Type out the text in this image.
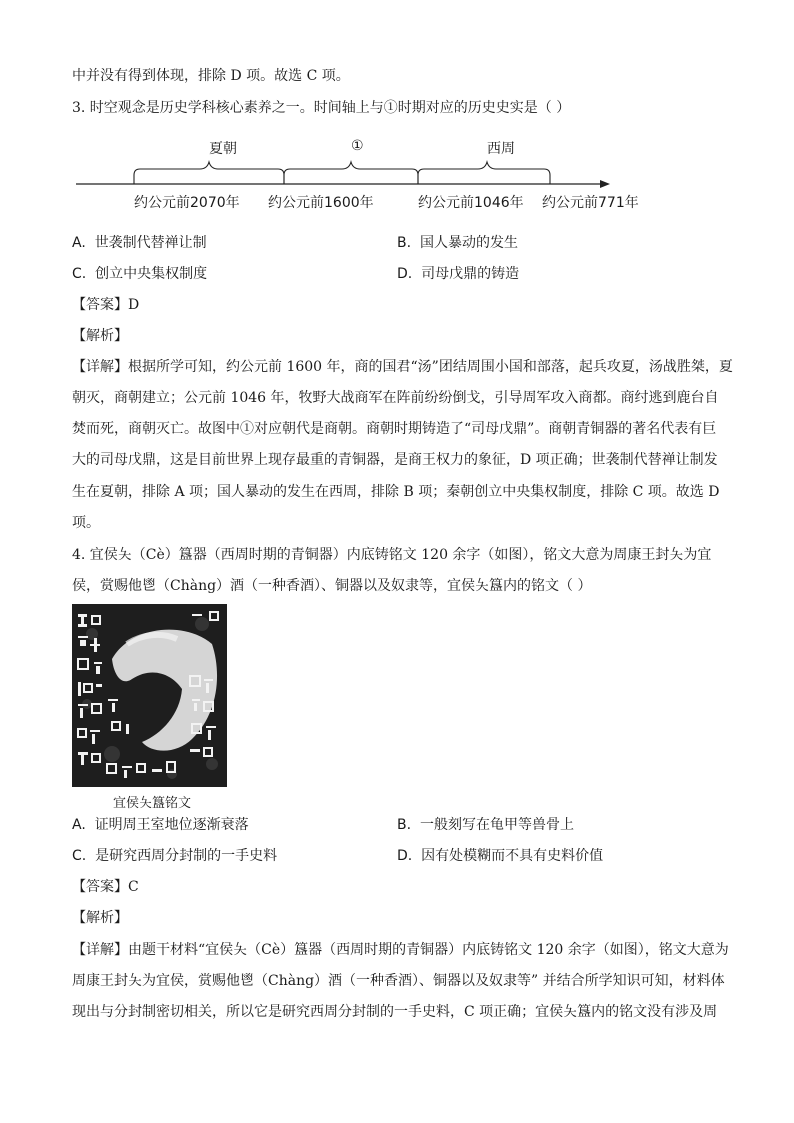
中并没有得到体现，排除 D 项。故选 C 项。
3. 时空观念是历史学科核心素养之一。时间轴上与①时期对应的历史史实是（ ）
夏朝	①	西周
约公元前2070年 约公元前1600年	约公元前1046年 约公元前771年
A. 世袭制代替禅让制	B. 国人暴动的发生
C. 创立中央集权制度	D. 司母戊鼎的铸造
【答案】D
【解析】
【详解】根据所学可知，约公元前 1600 年，商的国君“汤”团结周围小国和部落，起兵攻夏，汤战胜桀，夏
朝灭，商朝建立；公元前 1046 年，牧野大战商军在阵前纷纷倒戈，引导周军攻入商都。商纣逃到鹿台自
焚而死，商朝灭亡。故图中①对应朝代是商朝。商朝时期铸造了“司母戊鼎”。商朝青铜器的著名代表有巨
大的司母戊鼎，这是目前世界上现存最重的青铜器，是商王权力的象征，D 项正确；世袭制代替禅让制发
生在夏朝，排除 A 项；国人暴动的发生在西周，排除 B 项；秦朝创立中央集权制度，排除 C 项。故选 D
项。
4. 宜侯夨（Cè）簋器（西周时期的青铜器）内底铸铭文 120 余字（如图），铭文大意为周康王封夨为宜
侯，赏赐他鬯（Chàng）酒（一种香酒）、铜器以及奴隶等，宜侯夨簋内的铭文（ ）
宜侯夨簋铭文
A. 证明周王室地位逐渐衰落	B. 一般刻写在龟甲等兽骨上
C. 是研究西周分封制的一手史料	D. 因有处模糊而不具有史料价值
【答案】C
【解析】
【详解】由题干材料“宜侯夨（Cè）簋器（西周时期的青铜器）内底铸铭文 120 余字（如图），铭文大意为
周康王封夨为宜侯，赏赐他鬯（Chàng）酒（一种香酒）、铜器以及奴隶等” 并结合所学知识可知，材料体
现出与分封制密切相关，所以它是研究西周分封制的一手史料，C 项正确；宜侯夨簋内的铭文没有涉及周
